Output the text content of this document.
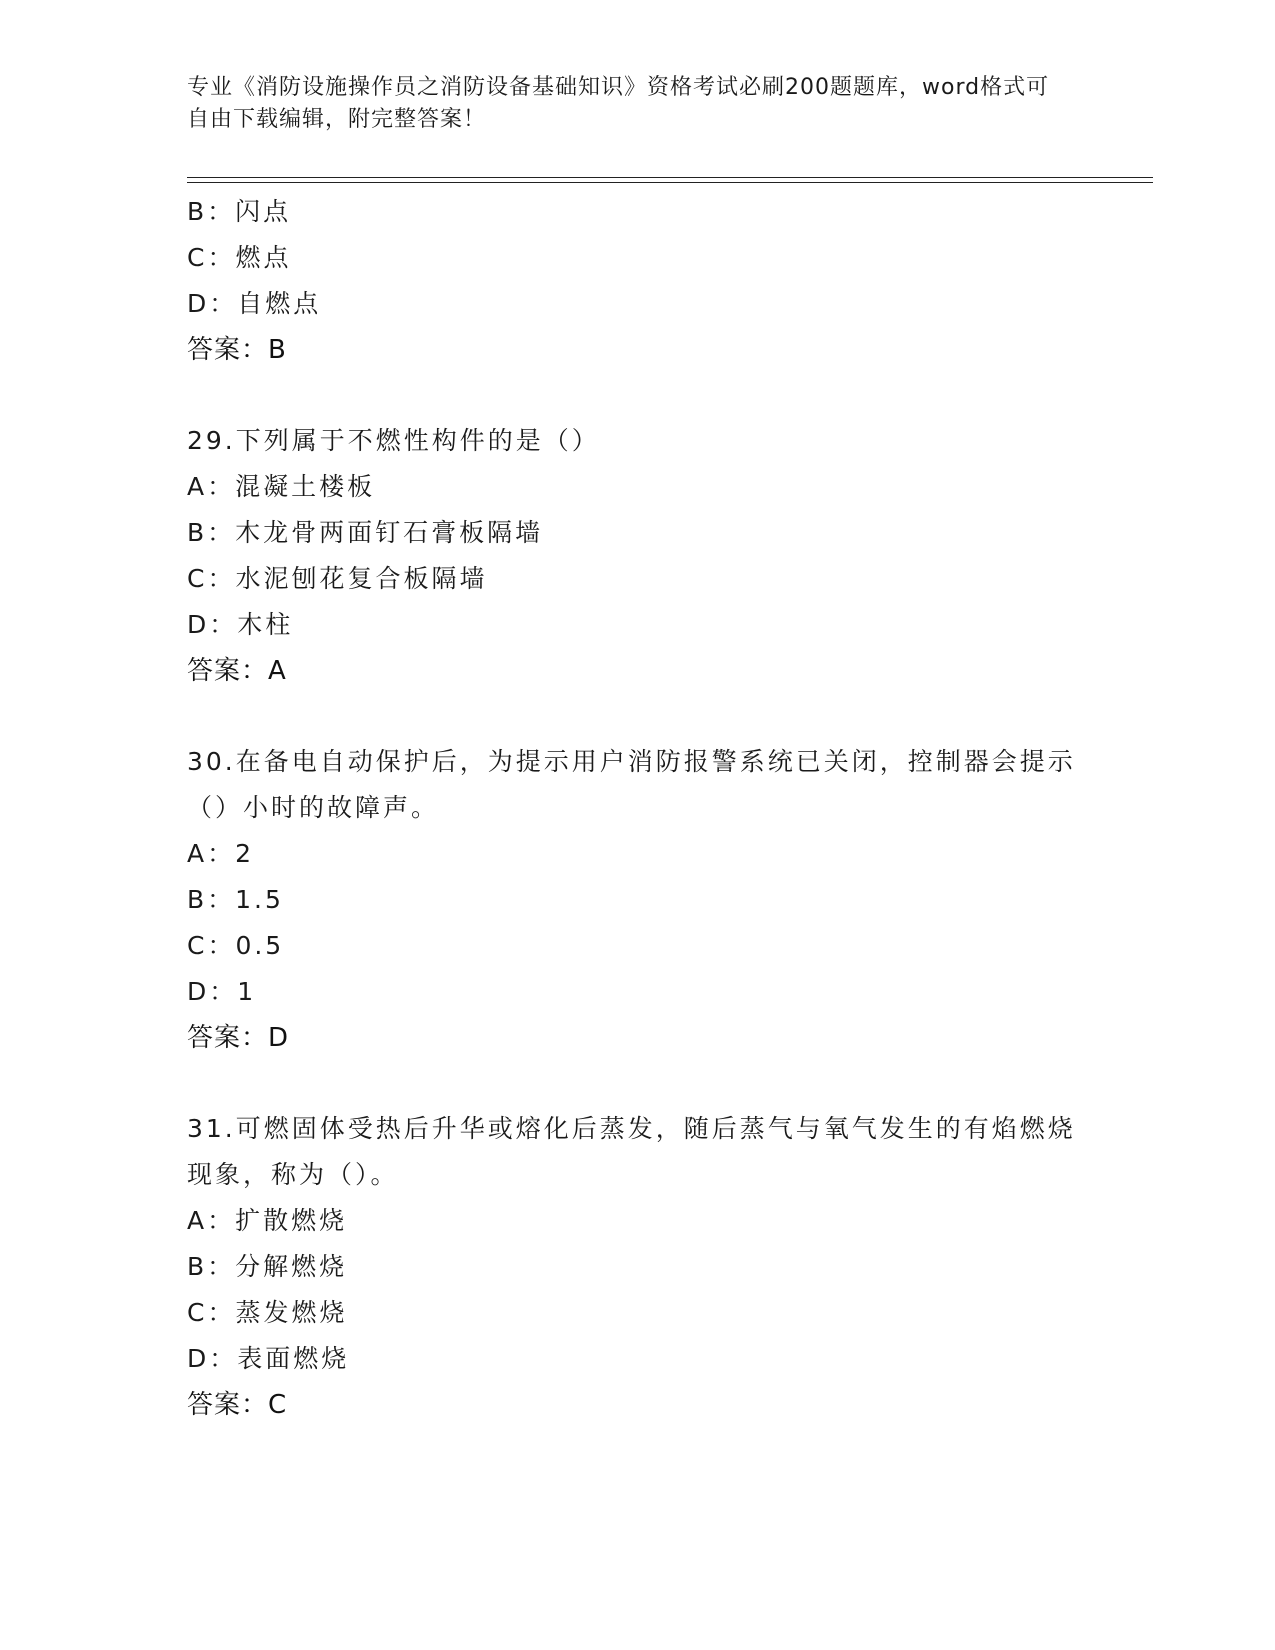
专业《消防设施操作员之消防设备基础知识》资格考试必刷200题题库，word格式可自由下载编辑，附完整答案！
B：闪点
C：燃点
D：自燃点
答案：B
29.下列属于不燃性构件的是（）
A：混凝土楼板
B：木龙骨两面钉石膏板隔墙
C：水泥刨花复合板隔墙
D：木柱
答案：A
30.在备电自动保护后，为提示用户消防报警系统已关闭，控制器会提示（）小时的故障声。
A：2
B：1.5
C：0.5
D：1
答案：D
31.可燃固体受热后升华或熔化后蒸发，随后蒸气与氧气发生的有焰燃烧现象，称为（）。
A：扩散燃烧
B：分解燃烧
C：蒸发燃烧
D：表面燃烧
答案：C
